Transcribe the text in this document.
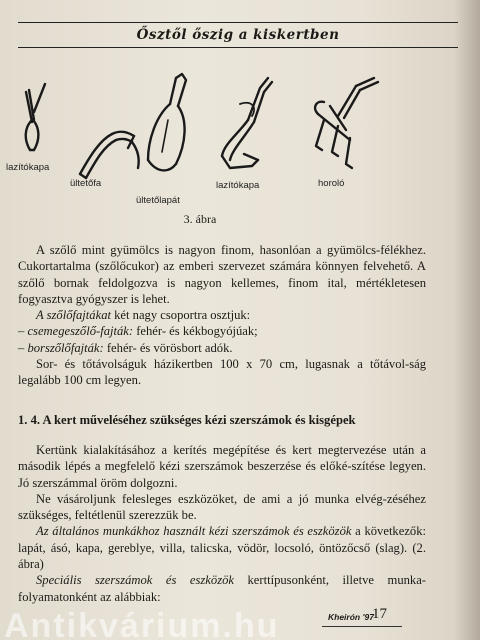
Ősztől őszig a kiskertben
lazítókapa
ültetőfa
ültetőlapát
lazítókapa	horoló
3. ábra

A szőlő mint gyümölcs is nagyon finom, hasonlóan a gyümölcs-félékhez. Cukortartalma (szőlőcukor) az emberi szervezet számára könnyen felvehető. A szőlő bornak feldolgozva is nagyon kellemes, finom ital, mértékletesen fogyasztva gyógyszer is lehet.

A szőlőfajtákat két nagy csoportra osztjuk:

– csemegeszőlő-fajták: fehér- és kékbogyójúak;

– borszőlőfajták: fehér- és vörösbort adók.

Sor- és tőtávolságuk házikertben 100 x 70 cm, lugasnak a tőtávol-ság legalább 100 cm legyen.

1. 4. A kert műveléséhez szükséges kézi szerszámok és kisgépek

Kertünk kialakításához a kerítés megépítése és kert megtervezése után a második lépés a megfelelő kézi szerszámok beszerzése és előké-szítése legyen. Jó szerszámmal öröm dolgozni.

Ne vásároljunk felesleges eszközöket, de ami a jó munka elvég-zéséhez szükséges, feltétlenül szerezzük be.

Az általános munkákhoz használt kézi szerszámok és eszközök a következők: lapát, ásó, kapa, gereblye, villa, talicska, vödör, locsoló, öntözőcső (slag). (2. ábra)

Speciális szerszámok és eszközök kerttípusonként, illetve munka-folyamatonként az alábbiak:

Kheirón '97
17
Antikvárium.hu
